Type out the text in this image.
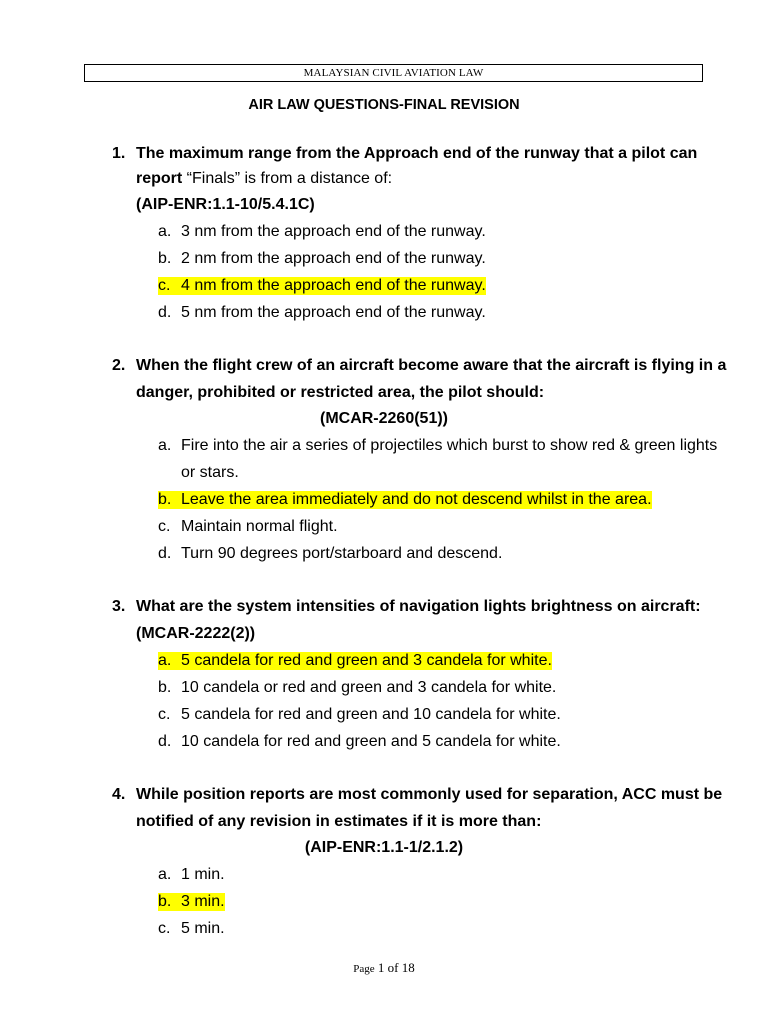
MALAYSIAN CIVIL AVIATION LAW
AIR LAW QUESTIONS-FINAL REVISION
1. The maximum range from the Approach end of the runway that a pilot can
report “Finals” is from a distance of:
(AIP-ENR:1.1-10/5.4.1C)
a. 3 nm from the approach end of the runway.
b. 2 nm from the approach end of the runway.
c. 4 nm from the approach end of the runway.
d. 5 nm from the approach end of the runway.
2. When the flight crew of an aircraft become aware that the aircraft is flying in a
danger, prohibited or restricted area, the pilot should:
(MCAR-2260(51))
a. Fire into the air a series of projectiles which burst to show red & green lights
or stars.
b. Leave the area immediately and do not descend whilst in the area.
c. Maintain normal flight.
d. Turn 90 degrees port/starboard and descend.
3. What are the system intensities of navigation lights brightness on aircraft:
(MCAR-2222(2))
a. 5 candela for red and green and 3 candela for white.
b. 10 candela or red and green and 3 candela for white.
c. 5 candela for red and green and 10 candela for white.
d. 10 candela for red and green and 5 candela for white.
4. While position reports are most commonly used for separation, ACC must be
notified of any revision in estimates if it is more than:
(AIP-ENR:1.1-1/2.1.2)
a. 1 min.
b. 3 min.
c. 5 min.
Page 1 of 18
